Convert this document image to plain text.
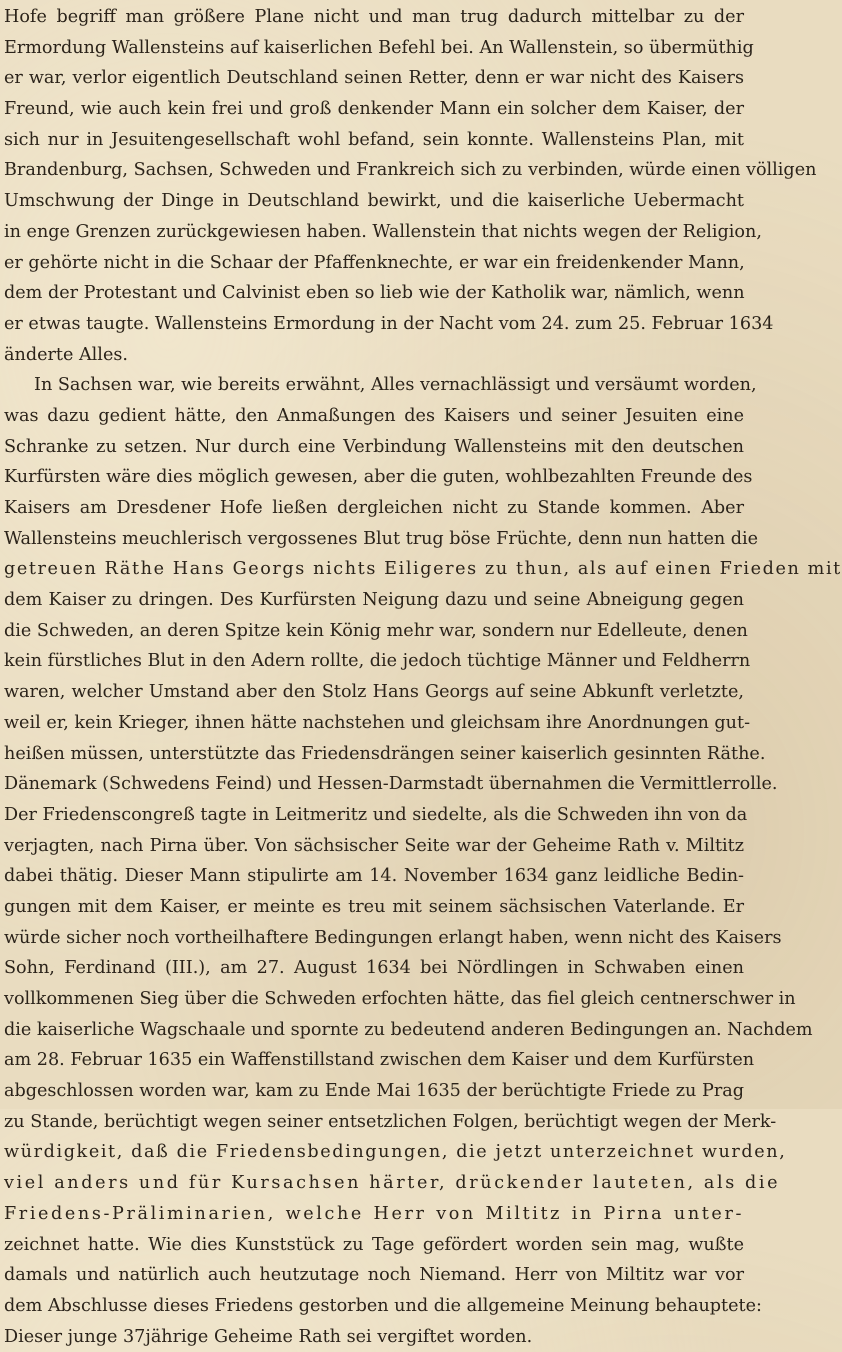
Hofe begriff man größere Plane nicht und man trug dadurch mittelbar zu der
Ermordung Wallensteins auf kaiserlichen Befehl bei. An Wallenstein, so übermüthig
er war, verlor eigentlich Deutschland seinen Retter, denn er war nicht des Kaisers
Freund, wie auch kein frei und groß denkender Mann ein solcher dem Kaiser, der
sich nur in Jesuitengesellschaft wohl befand, sein konnte. Wallensteins Plan, mit
Brandenburg, Sachsen, Schweden und Frankreich sich zu verbinden, würde einen völligen
Umschwung der Dinge in Deutschland bewirkt, und die kaiserliche Uebermacht
in enge Grenzen zurückgewiesen haben. Wallenstein that nichts wegen der Religion,
er gehörte nicht in die Schaar der Pfaffenknechte, er war ein freidenkender Mann,
dem der Protestant und Calvinist eben so lieb wie der Katholik war, nämlich, wenn
er etwas taugte. Wallensteins Ermordung in der Nacht vom 24. zum 25. Februar 1634
änderte Alles.
In Sachsen war, wie bereits erwähnt, Alles vernachlässigt und versäumt worden,
was dazu gedient hätte, den Anmaßungen des Kaisers und seiner Jesuiten eine
Schranke zu setzen. Nur durch eine Verbindung Wallensteins mit den deutschen
Kurfürsten wäre dies möglich gewesen, aber die guten, wohlbezahlten Freunde des
Kaisers am Dresdener Hofe ließen dergleichen nicht zu Stande kommen. Aber
Wallensteins meuchlerisch vergossenes Blut trug böse Früchte, denn nun hatten die
getreuen Räthe Hans Georgs nichts Eiligeres zu thun, als auf einen Frieden mit
dem Kaiser zu dringen. Des Kurfürsten Neigung dazu und seine Abneigung gegen
die Schweden, an deren Spitze kein König mehr war, sondern nur Edelleute, denen
kein fürstliches Blut in den Adern rollte, die jedoch tüchtige Männer und Feldherrn
waren, welcher Umstand aber den Stolz Hans Georgs auf seine Abkunft verletzte,
weil er, kein Krieger, ihnen hätte nachstehen und gleichsam ihre Anordnungen gut-
heißen müssen, unterstützte das Friedensdrängen seiner kaiserlich gesinnten Räthe.
Dänemark (Schwedens Feind) und Hessen-Darmstadt übernahmen die Vermittlerrolle.
Der Friedenscongreß tagte in Leitmeritz und siedelte, als die Schweden ihn von da
verjagten, nach Pirna über. Von sächsischer Seite war der Geheime Rath v. Miltitz
dabei thätig. Dieser Mann stipulirte am 14. November 1634 ganz leidliche Bedin-
gungen mit dem Kaiser, er meinte es treu mit seinem sächsischen Vaterlande. Er
würde sicher noch vortheilhaftere Bedingungen erlangt haben, wenn nicht des Kaisers
Sohn, Ferdinand (III.), am 27. August 1634 bei Nördlingen in Schwaben einen
vollkommenen Sieg über die Schweden erfochten hätte, das fiel gleich centnerschwer in
die kaiserliche Wagschaale und spornte zu bedeutend anderen Bedingungen an. Nachdem
am 28. Februar 1635 ein Waffenstillstand zwischen dem Kaiser und dem Kurfürsten
abgeschlossen worden war, kam zu Ende Mai 1635 der berüchtigte Friede zu Prag
zu Stande, berüchtigt wegen seiner entsetzlichen Folgen, berüchtigt wegen der Merk-
würdigkeit, daß die Friedensbedingungen, die jetzt unterzeichnet wurden,
viel anders und für Kursachsen härter, drückender lauteten, als die
Friedens-Präliminarien, welche Herr von Miltitz in Pirna unter-
zeichnet hatte. Wie dies Kunststück zu Tage gefördert worden sein mag, wußte
damals und natürlich auch heutzutage noch Niemand. Herr von Miltitz war vor
dem Abschlusse dieses Friedens gestorben und die allgemeine Meinung behauptete:
Dieser junge 37jährige Geheime Rath sei vergiftet worden.
